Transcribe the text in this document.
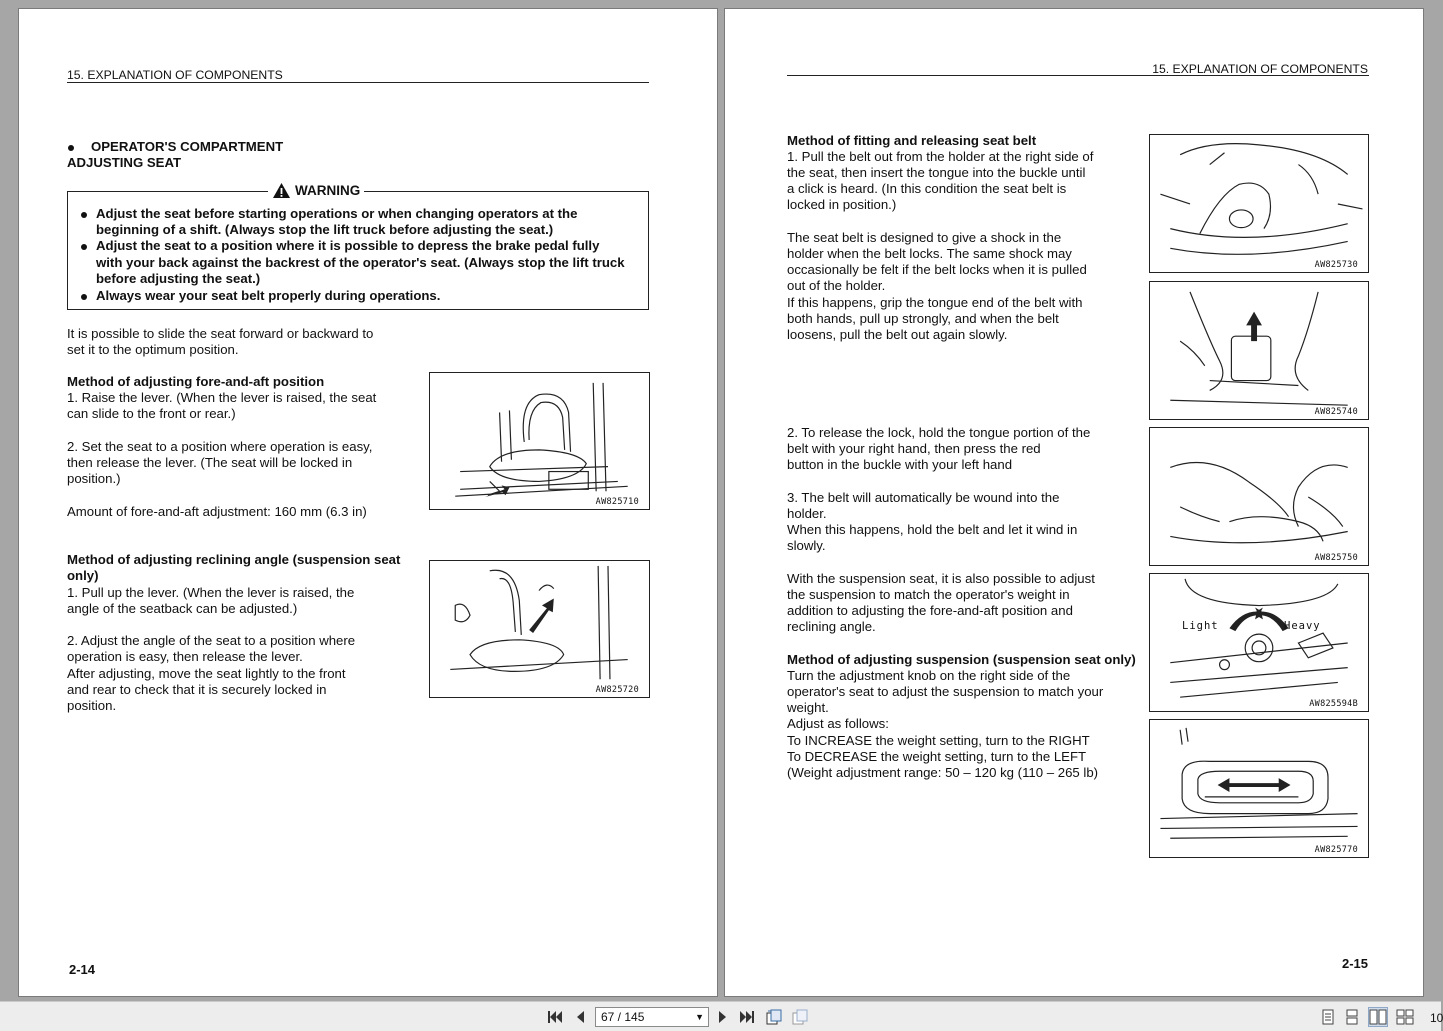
15. EXPLANATION OF COMPONENTS
OPERATOR'S COMPARTMENT
ADJUSTING SEAT
WARNING
Adjust the seat before starting operations or when changing operators at the
beginning of a shift. (Always stop the lift truck before adjusting the seat.)
Adjust the seat to a position where it is possible to depress the brake pedal fully
with your back against the backrest of the operator's seat. (Always stop the lift truck
before adjusting the seat.)
Always wear your seat belt properly during operations.
It is possible to slide the seat forward or backward to
set it to the optimum position.
Method of adjusting fore-and-aft position
1. Raise the lever. (When the lever is raised, the seat
can slide to the front or rear.)
2. Set the seat to a position where operation is easy,
then release the lever. (The seat will be locked in
position.)
Amount of fore-and-aft adjustment: 160 mm (6.3 in)
AW825710
Method of adjusting reclining angle (suspension seat
only)
1. Pull up the lever. (When the lever is raised, the
angle of the seatback can be adjusted.)
2. Adjust the angle of the seat to a position where
operation is easy, then release the lever.
After adjusting, move the seat lightly to the front
and rear to check that it is securely locked in
position.
AW825720
2-14
15. EXPLANATION OF COMPONENTS
Method of fitting and releasing seat belt
1. Pull the belt out from the holder at the right side of
the seat, then insert the tongue into the buckle until
a click is heard. (In this condition the seat belt is
locked in position.)
The seat belt is designed to give a shock in the
holder when the belt locks. The same shock may
occasionally be felt if the belt locks when it is pulled
out of the holder.
If this happens, grip the tongue end of the belt with
both hands, pull up strongly, and when the belt
loosens, pull the belt out again slowly.
2. To release the lock, hold the tongue portion of the
belt with your right hand, then press the red
button in the buckle with your left hand
3. The belt will automatically be wound into the
holder.
When this happens, hold the belt and let it wind in
slowly.
With the suspension seat, it is also possible to adjust
the suspension to match the operator's weight in
addition to adjusting the fore-and-aft position and
reclining angle.
Method of adjusting suspension (suspension seat only)
Turn the adjustment knob on the right side of the
operator's seat to adjust the suspension to match your
weight.
Adjust as follows:
To INCREASE the weight setting, turn to the RIGHT
To DECREASE the weight setting, turn to the LEFT
(Weight adjustment range: 50 – 120 kg (110 – 265 lb)
AW825730
AW825740
AW825750
Light	Heavy
AW825594B
AW825770
2-15
67 / 145	▼	10
